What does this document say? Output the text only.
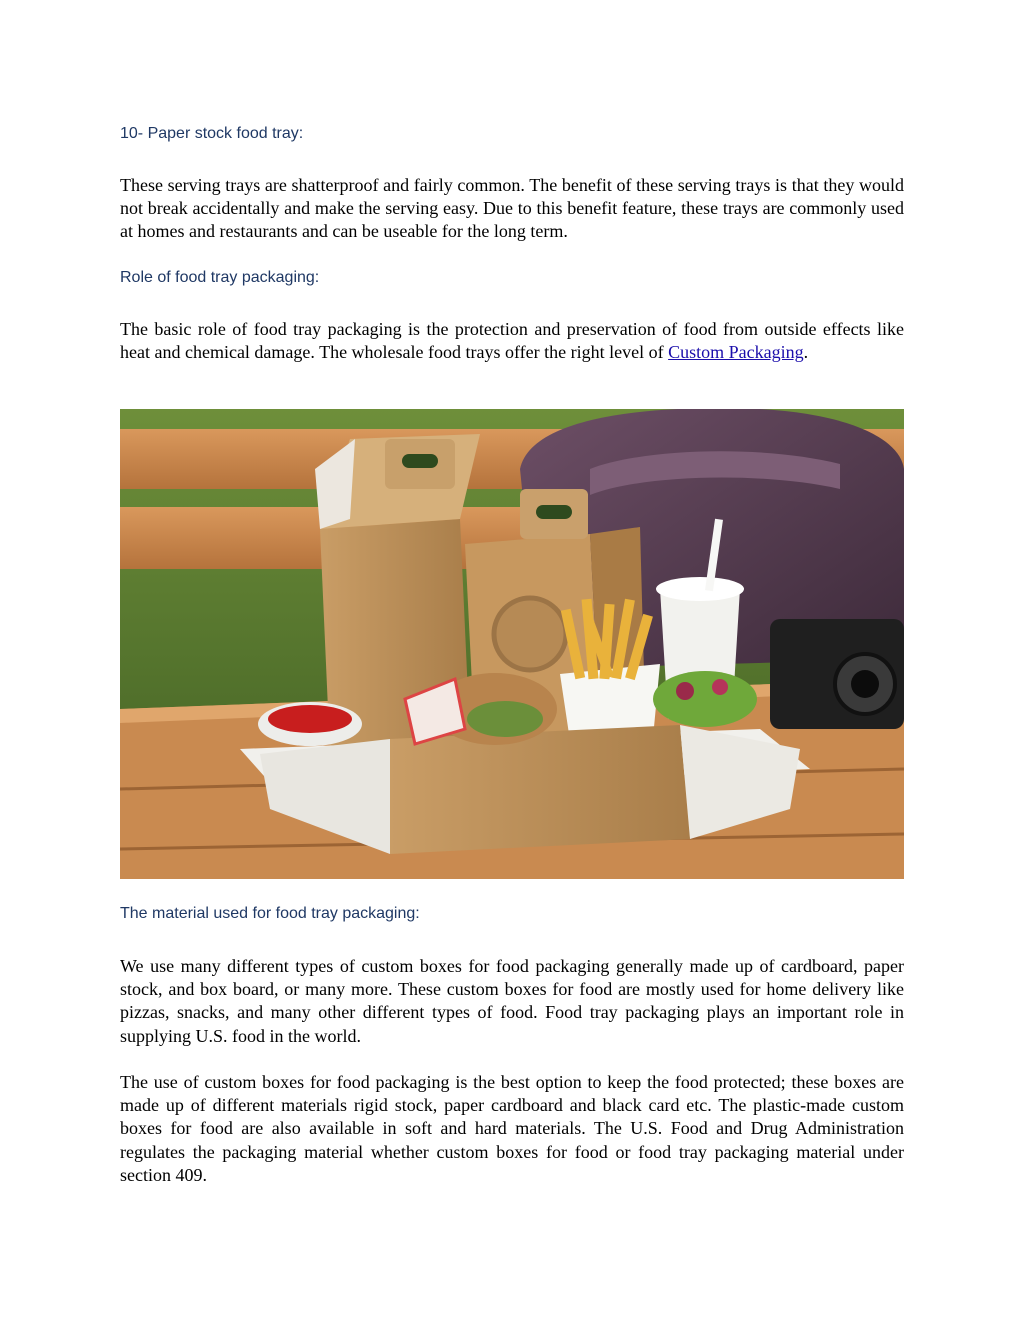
10- Paper stock food tray:

These serving trays are shatterproof and fairly common. The benefit of these serving trays is that they would not break accidentally and make the serving easy. Due to this benefit feature, these trays are commonly used at homes and restaurants and can be useable for the long term.

Role of food tray packaging:

The basic role of food tray packaging is the protection and preservation of food from outside effects like heat and chemical damage. The wholesale food trays offer the right level of Custom Packaging.

The material used for food tray packaging:

We use many different types of custom boxes for food packaging generally made up of cardboard, paper stock, and box board, or many more. These custom boxes for food are mostly used for home delivery like pizzas, snacks, and many other different types of food. Food tray packaging plays an important role in supplying U.S. food in the world.

The use of custom boxes for food packaging is the best option to keep the food protected; these boxes are made up of different materials rigid stock, paper cardboard and black card etc. The plastic-made custom boxes for food are also available in soft and hard materials. The U.S. Food and Drug Administration regulates the packaging material whether custom boxes for food or food tray packaging material under section 409.
